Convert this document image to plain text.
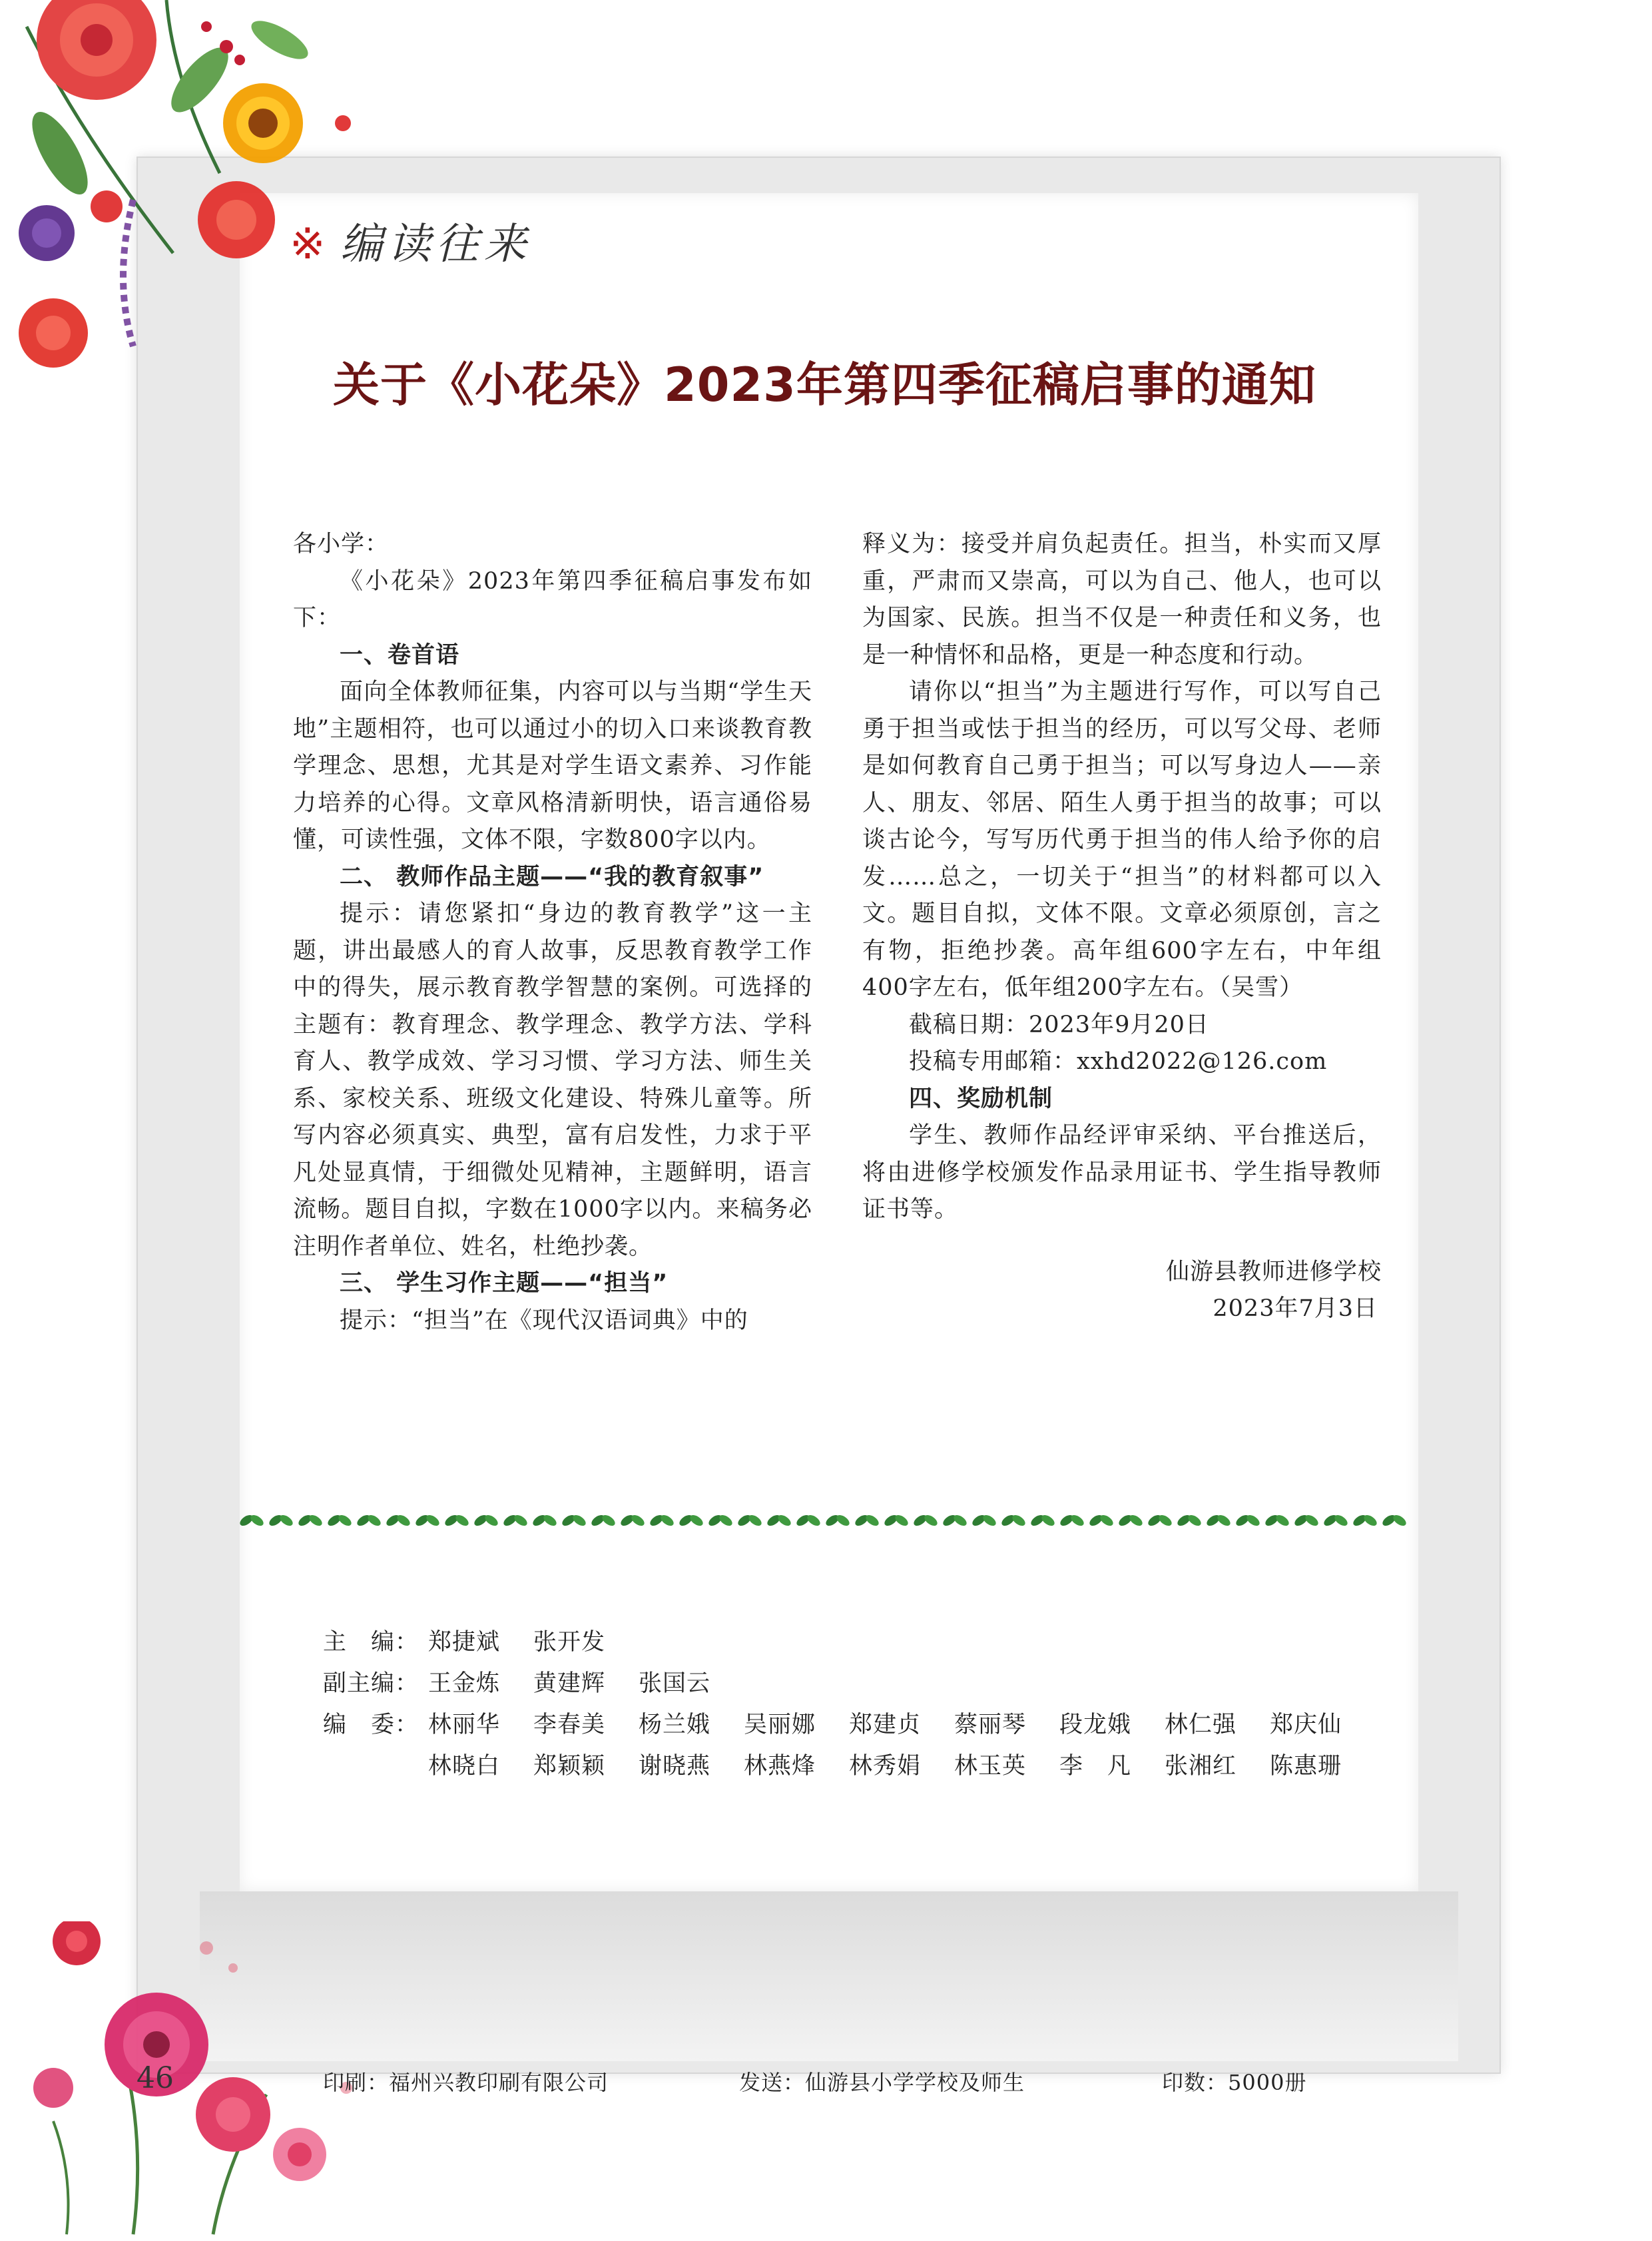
※ 编读往来
关于《小花朵》2023年第四季征稿启事的通知

各小学：

《小花朵》2023年第四季征稿启事发布如下：

一、卷首语

面向全体教师征集，内容可以与当期“学生天地”主题相符，也可以通过小的切入口来谈教育教学理念、思想，尤其是对学生语文素养、习作能力培养的心得。文章风格清新明快，语言通俗易懂，可读性强，文体不限，字数800字以内。

二、 教师作品主题——“我的教育叙事”

提示：请您紧扣“身边的教育教学”这一主题，讲出最感人的育人故事，反思教育教学工作中的得失，展示教育教学智慧的案例。可选择的主题有：教育理念、教学理念、教学方法、学科育人、教学成效、学习习惯、学习方法、师生关系、家校关系、班级文化建设、特殊儿童等。所写内容必须真实、典型，富有启发性，力求于平凡处显真情，于细微处见精神，主题鲜明，语言流畅。题目自拟，字数在1000字以内。来稿务必注明作者单位、姓名，杜绝抄袭。

三、 学生习作主题——“担当”

提示：“担当”在《现代汉语词典》中的

释义为：接受并肩负起责任。担当，朴实而又厚重，严肃而又崇高，可以为自己、他人，也可以为国家、民族。担当不仅是一种责任和义务，也是一种情怀和品格，更是一种态度和行动。

请你以“担当”为主题进行写作，可以写自己勇于担当或怯于担当的经历，可以写父母、老师是如何教育自己勇于担当；可以写身边人——亲人、朋友、邻居、陌生人勇于担当的故事；可以谈古论今，写写历代勇于担当的伟人给予你的启发……总之，一切关于“担当”的材料都可以入文。题目自拟，文体不限。文章必须原创，言之有物，拒绝抄袭。高年组600字左右，中年组400字左右，低年组200字左右。（吴雪）

截稿日期：2023年9月20日

投稿专用邮箱：xxhd2022@126.com

四、奖励机制

学生、教师作品经评审采纳、平台推送后，将由进修学校颁发作品录用证书、学生指导教师证书等。

仙游县教师进修学校

2023年7月3日

主　编： 郑捷斌	张开发
副主编： 王金炼	黄建辉	张国云
编　委： 林丽华	李春美	杨兰娥	吴丽娜	郑建贞	蔡丽琴	段龙娥	林仁强	郑庆仙
林晓白	郑颖颖	谢晓燕	林燕烽	林秀娟	林玉英	李　凡	张湘红	陈惠珊
46	印刷：福州兴教印刷有限公司	发送：仙游县小学学校及师生	印数：5000册
